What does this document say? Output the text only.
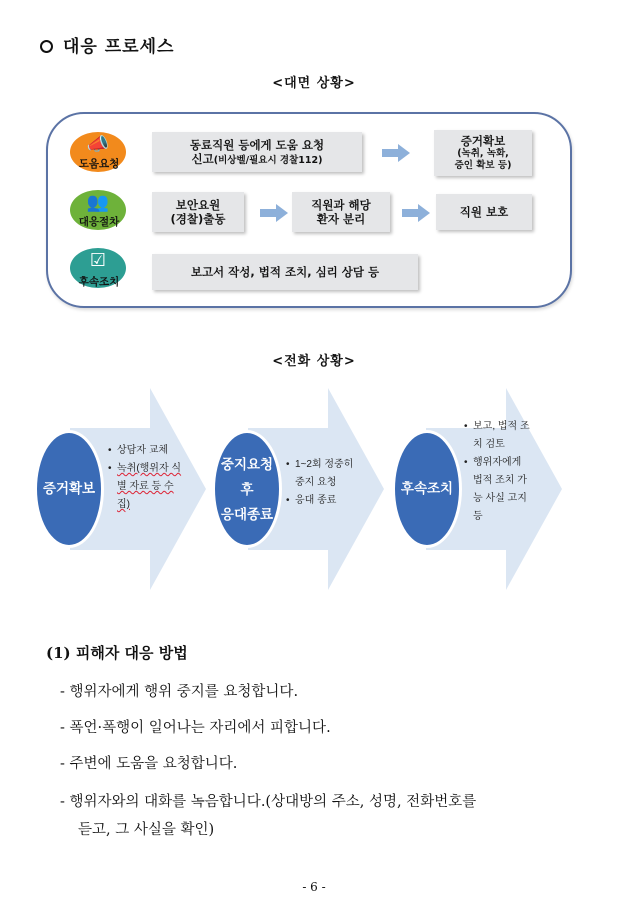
대응 프로세스
<대면 상황>
📣
도움요청
👥
대응절차
☑
후속조치
동료직원 등에게 도움 요청
신고(비상벨/필요시 경찰112)
증거확보
(녹취, 녹화,
증인 확보 등)
보안요원
(경찰)출동
직원과 해당
환자 분리	직원 보호
보고서 작성, 법적 조치, 심리 상담 등
<전화 상황>
증거확보
• 상담자 교체
• 녹취(행위자 식별 자료 등 수집)
중지요청
후
응대종료
• 1~2회 정중히 중지 요청
• 응대 종료
후속조치
• 보고, 법적 조치 검토
• 행위자에게 법적 조치 가능 사실 고지 등
(1) 피해자 대응 방법
- 행위자에게 행위 중지를 요청합니다.
- 폭언·폭행이 일어나는 자리에서 피합니다.
- 주변에 도움을 요청합니다.
- 행위자와의 대화를 녹음합니다.(상대방의 주소, 성명, 전화번호를
듣고, 그 사실을 확인)
- 6 -
